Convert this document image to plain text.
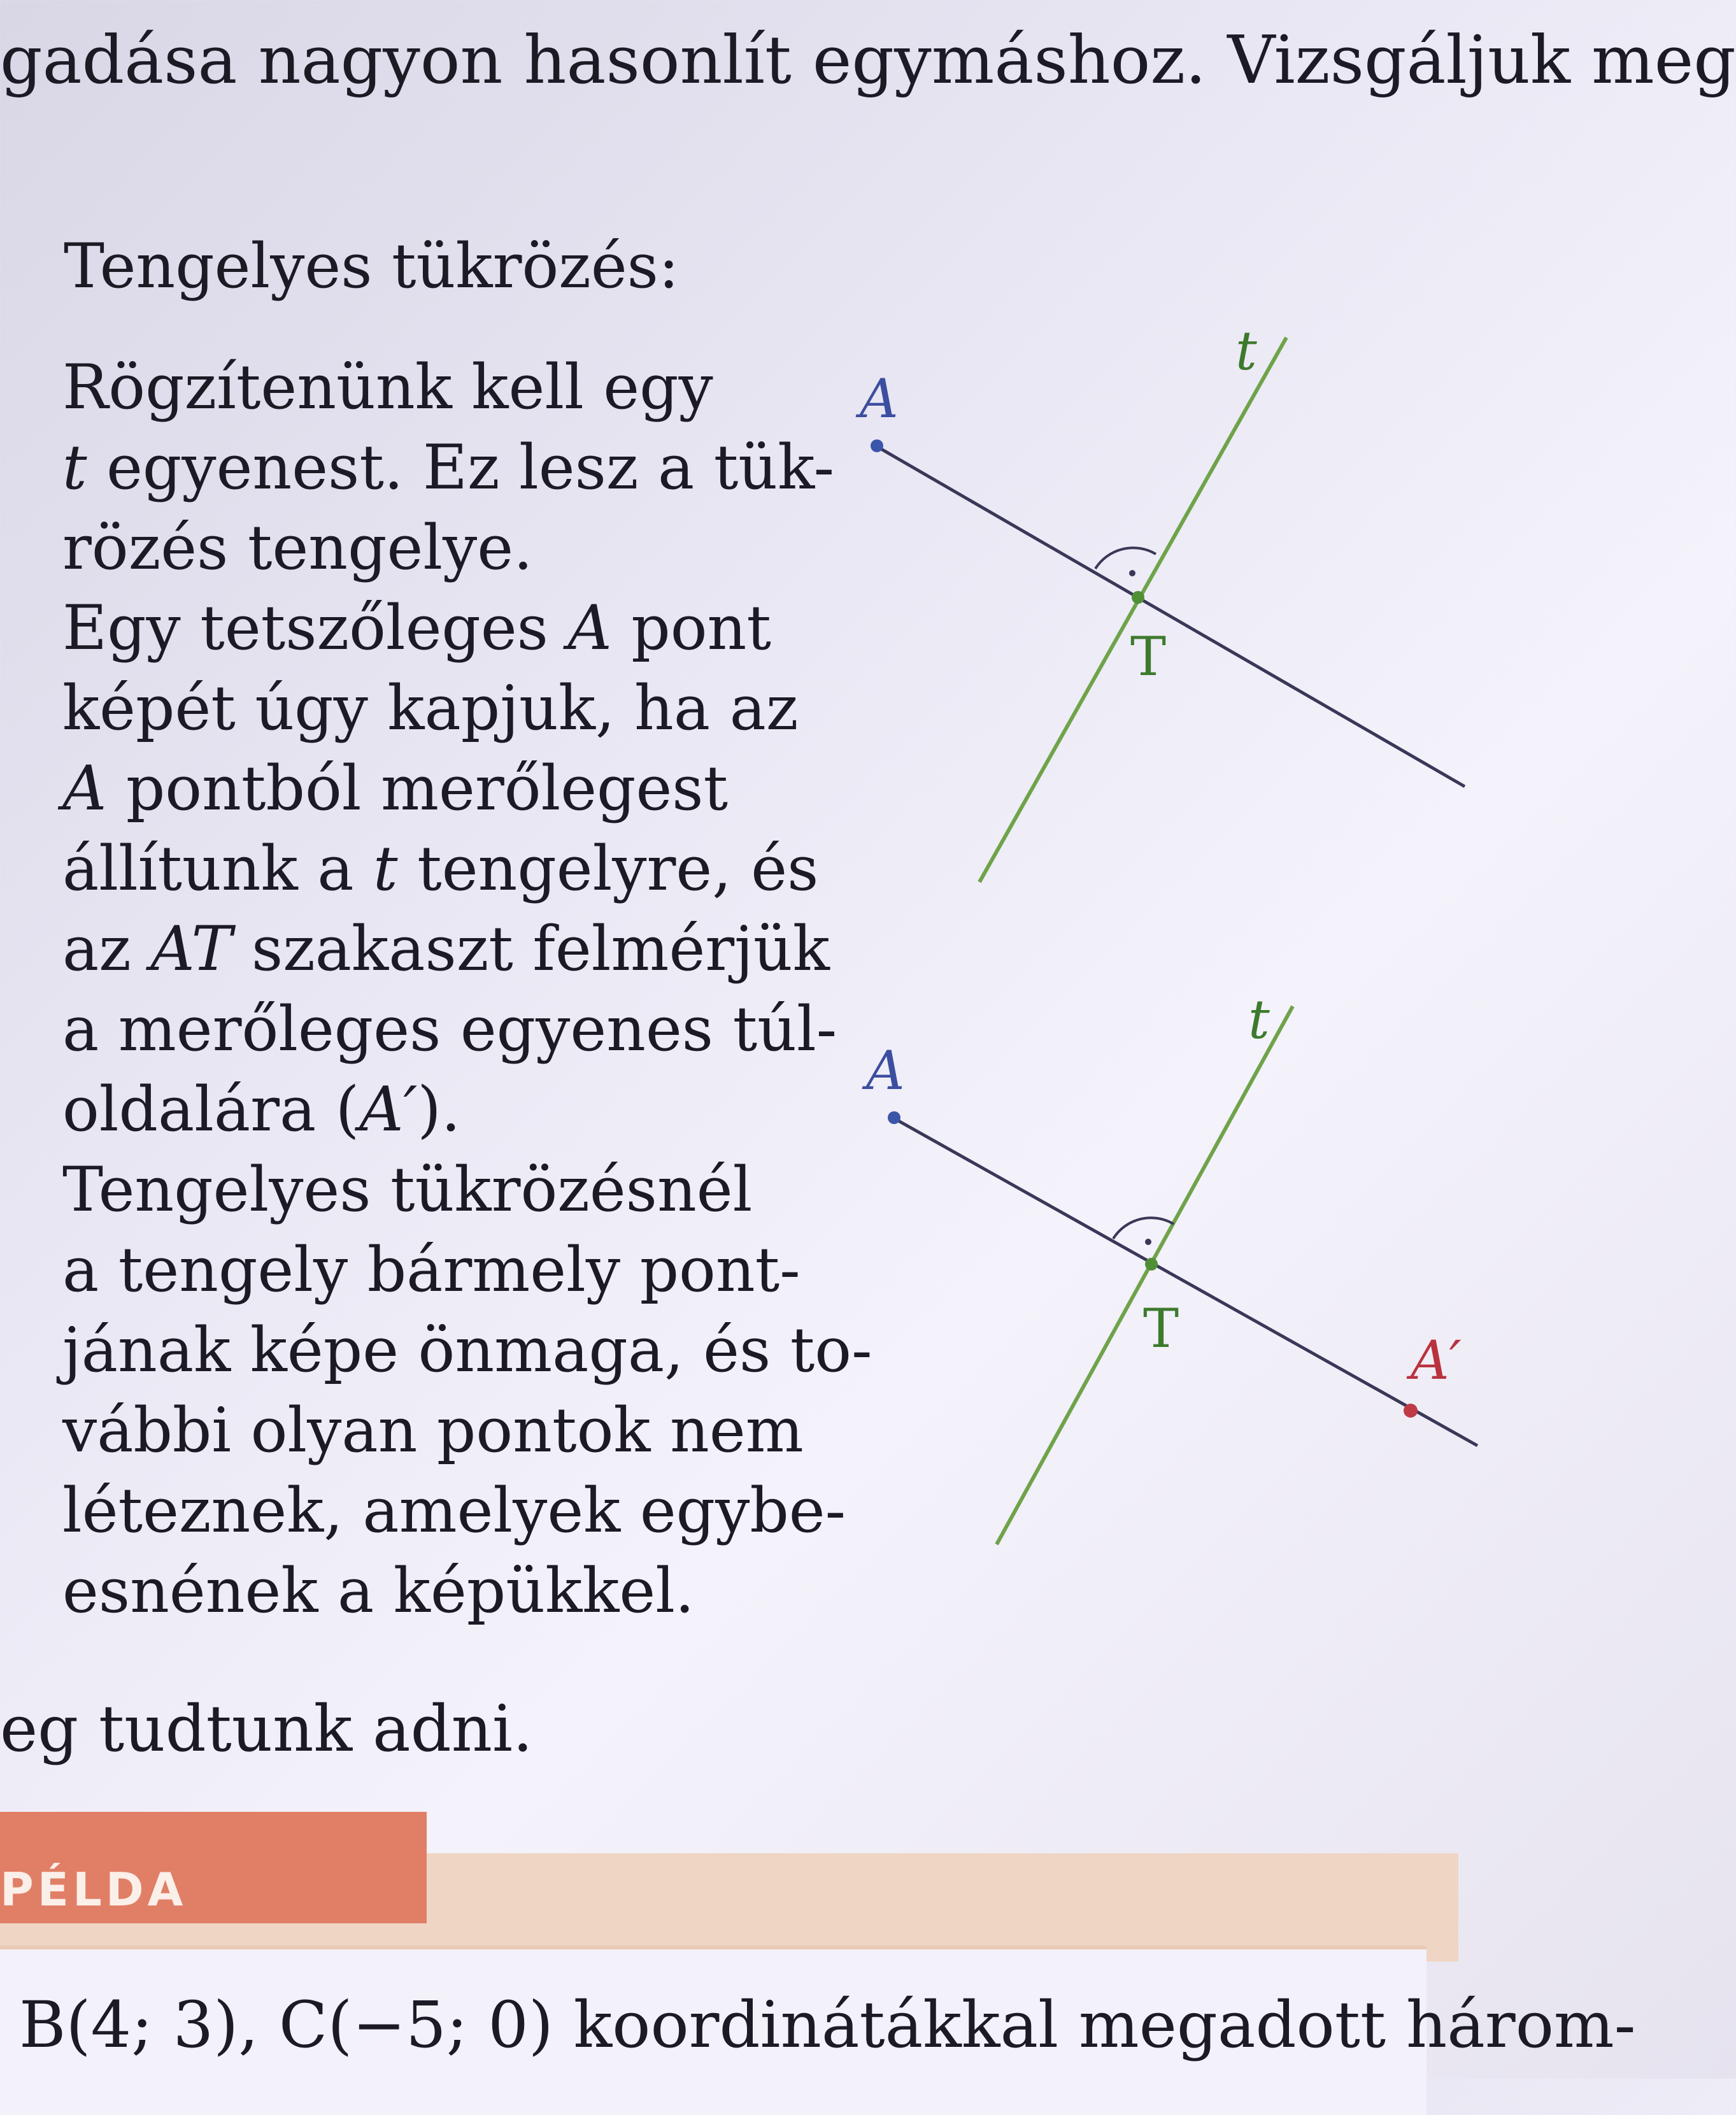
gadása nagyon hasonlít egymáshoz. Vizsgáljuk meg
Tengelyes tükrözés:
Rögzítenünk kell egy
t egyenest. Ez lesz a tük-
rözés tengelye.
Egy tetszőleges A pont
képét úgy kapjuk, ha az
A pontból merőlegest
állítunk a t tengelyre, és
az AT szakaszt felmérjük
a merőleges egyenes túl-
oldalára (A′).
Tengelyes tükrözésnél
a tengely bármely pont-
jának képe önmaga, és to-
vábbi olyan pontok nem
léteznek, amelyek egybe-
esnének a képükkel.
eg tudtunk adni.
PÉLDA
B(4; 3), C(−5; 0) koordinátákkal megadott három-
A
t
T
A
t
T
A′
